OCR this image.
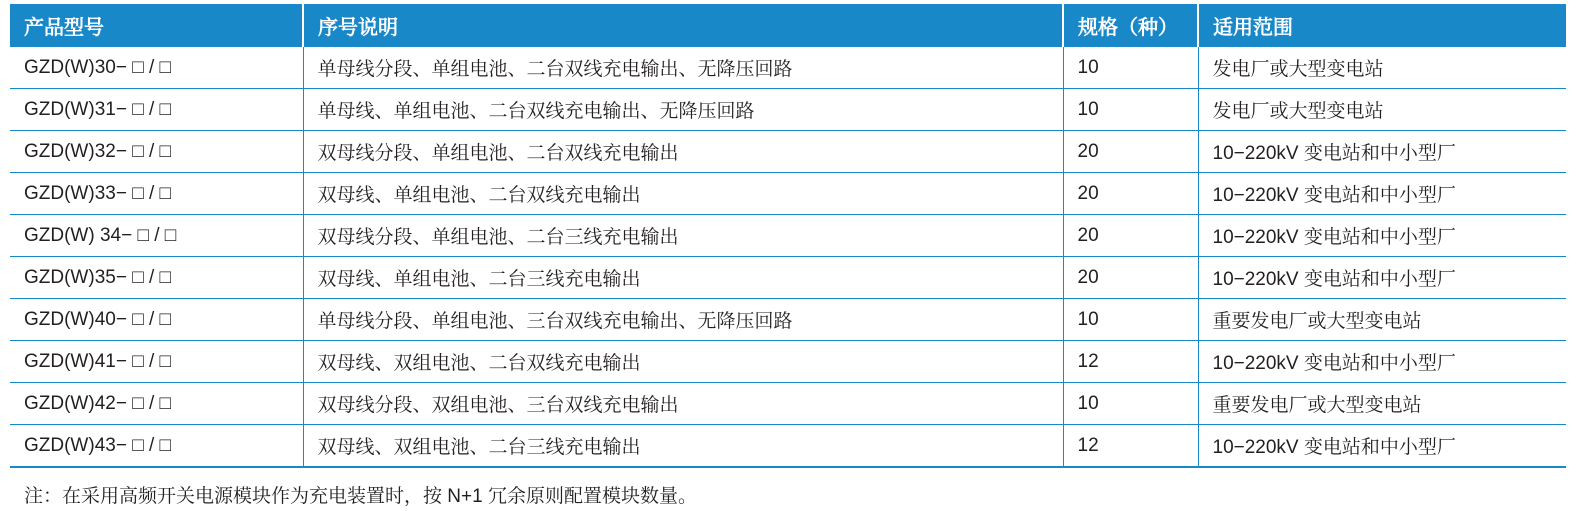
产品型号	序号说明	规格（种）	适用范围
GZD(W)30− □ / □	单母线分段、单组电池、二台双线充电输出、无降压回路	10	发电厂或大型变电站
GZD(W)31− □ / □	单母线、单组电池、二台双线充电输出、无降压回路	10	发电厂或大型变电站
GZD(W)32− □ / □	双母线分段、单组电池、二台双线充电输出	20	10−220kV 变电站和中小型厂
GZD(W)33− □ / □	双母线、单组电池、二台双线充电输出	20	10−220kV 变电站和中小型厂
GZD(W) 34− □ / □	双母线分段、单组电池、二台三线充电输出	20	10−220kV 变电站和中小型厂
GZD(W)35− □ / □	双母线、单组电池、二台三线充电输出	20	10−220kV 变电站和中小型厂
GZD(W)40− □ / □	单母线分段、单组电池、三台双线充电输出、无降压回路	10	重要发电厂或大型变电站
GZD(W)41− □ / □	双母线、双组电池、二台双线充电输出	12	10−220kV 变电站和中小型厂
GZD(W)42− □ / □	双母线分段、双组电池、三台双线充电输出	10	重要发电厂或大型变电站
GZD(W)43− □ / □	双母线、双组电池、二台三线充电输出	12	10−220kV 变电站和中小型厂
注：在采用高频开关电源模块作为充电装置时，按 N+1 冗余原则配置模块数量。
